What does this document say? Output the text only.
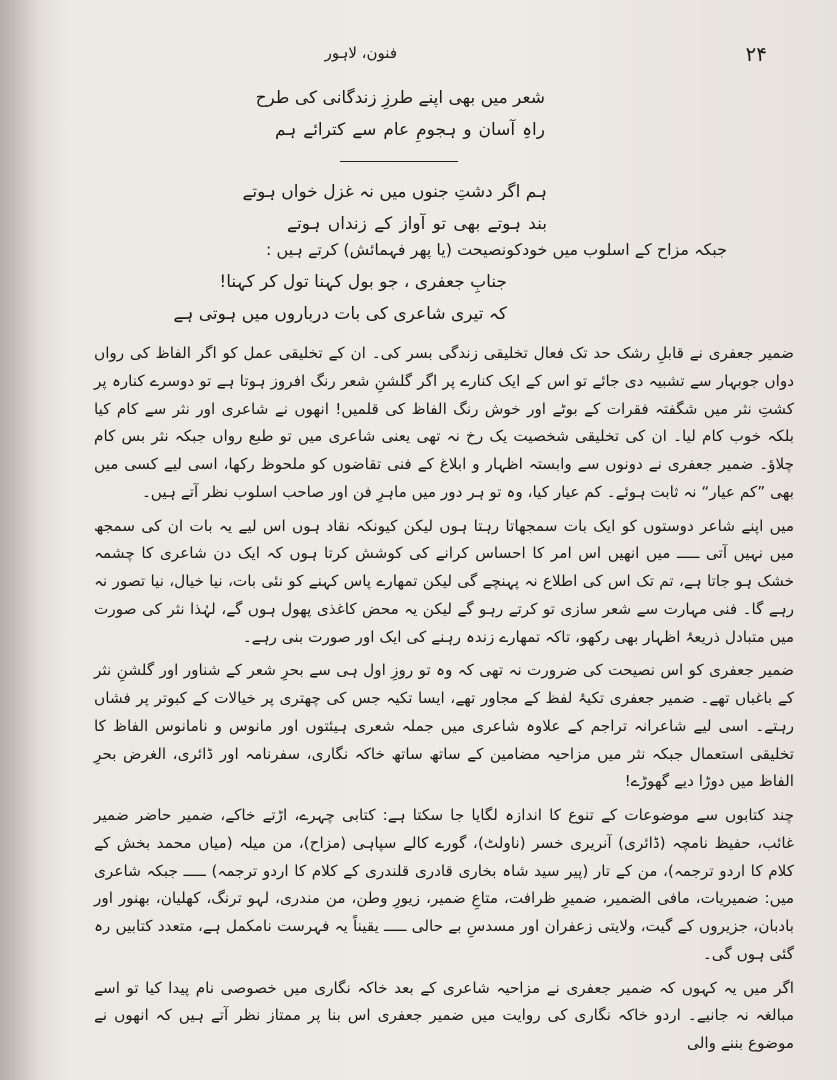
۲۴
فنون، لاہور
شعر میں بھی اپنے طرزِ زندگانی کی طرح
راہِ آسان و ہجومِ عام سے کترائے ہم
ہم اگر دشتِ جنوں میں نہ غزل خواں ہوتے
بند ہوتے بھی تو آواز کے زنداں ہوتے
جبکہ مزاح کے اسلوب میں خودکونصیحت (یا پھر فہمائش) کرتے ہیں :
جنابِ جعفری ، جو بول کہنا تول کر کہنا!
کہ تیری شاعری کی بات درباروں میں ہوتی ہے

ضمیر جعفری نے قابلِ رشک حد تک فعال تخلیقی زندگی بسر کی۔ ان کے تخلیقی عمل کو اگر الفاظ کی رواں دواں جوبہار سے تشبیہ دی جائے تو اس کے ایک کنارے پر اگر گلشنِ شعر رنگ افروز ہوتا ہے تو دوسرے کنارہ پر کشتِ نثر میں شگفتہ فقرات کے بوٹے اور خوش رنگ الفاظ کی قلمیں! انھوں نے شاعری اور نثر سے کام کیا بلکہ خوب کام لیا۔ ان کی تخلیقی شخصیت یک رخ نہ تھی یعنی شاعری میں تو طبع رواں جبکہ نثر بس کام چلاؤ۔ ضمیر جعفری نے دونوں سے وابستہ اظہار و ابلاغ کے فنی تقاضوں کو ملحوظ رکھا، اسی لیے کسی میں بھی ”کم عیار“ نہ ثابت ہوئے۔ کم عیار کیا، وہ تو ہر دور میں ماہرِ فن اور صاحب اسلوب نظر آتے ہیں۔

میں اپنے شاعر دوستوں کو ایک بات سمجھاتا رہتا ہوں لیکن کیونکہ نقاد ہوں اس لیے یہ بات ان کی سمجھ میں نہیں آتی ـــــ میں انھیں اس امر کا احساس کرانے کی کوشش کرتا ہوں کہ ایک دن شاعری کا چشمہ خشک ہو جاتا ہے، تم تک اس کی اطلاع نہ پہنچے گی لیکن تمھارے پاس کہنے کو نئی بات، نیا خیال، نیا تصور نہ رہے گا۔ فنی مہارت سے شعر سازی تو کرتے رہو گے لیکن یہ محض کاغذی پھول ہوں گے، لہٰذا نثر کی صورت میں متبادل ذریعۂ اظہار بھی رکھو، تاکہ تمھارے زندہ رہنے کی ایک اور صورت بنی رہے۔

ضمیر جعفری کو اس نصیحت کی ضرورت نہ تھی کہ وہ تو روزِ اول ہی سے بحرِ شعر کے شناور اور گلشنِ نثر کے باغباں تھے۔ ضمیر جعفری تکیۂ لفظ کے مجاور تھے، ایسا تکیہ جس کی چھتری پر خیالات کے کبوتر پر فشاں رہتے۔ اسی لیے شاعرانہ تراجم کے علاوہ شاعری میں جملہ شعری ہیئتوں اور مانوس و نامانوس الفاظ کا تخلیقی استعمال جبکہ نثر میں مزاحیہ مضامین کے ساتھ ساتھ خاکہ نگاری، سفرنامہ اور ڈائری، الغرض بحرِ الفاظ میں دوڑا دیے گھوڑے!

چند کتابوں سے موضوعات کے تنوع کا اندازہ لگایا جا سکتا ہے: کتابی چہرے، اڑتے خاکے، ضمیر حاضر ضمیر غائب، حفیظ نامچہ (ڈائری) آنریری خسر (ناولٹ)، گورے کالے سپاہی (مزاح)، من میلہ (میاں محمد بخش کے کلام کا اردو ترجمہ)، من کے تار (پیر سید شاہ بخاری قادری قلندری کے کلام کا اردو ترجمہ) ـــــ جبکہ شاعری میں: ضمیریات، مافی الضمیر، ضمیرِ ظرافت، متاعِ ضمیر، زیورِ وطن، من مندری، لہو ترنگ، کھلیان، بھنور اور بادبان، جزیروں کے گیت، ولایتی زعفران اور مسدسِ بے حالی ـــــ یقیناً یہ فہرست نامکمل ہے، متعدد کتابیں رہ گئی ہوں گی۔

اگر میں یہ کہوں کہ ضمیر جعفری نے مزاحیہ شاعری کے بعد خاکہ نگاری میں خصوصی نام پیدا کیا تو اسے مبالغہ نہ جانیے۔ اردو خاکہ نگاری کی روایت میں ضمیر جعفری اس بنا پر ممتاز نظر آتے ہیں کہ انھوں نے موضوع بننے والی
